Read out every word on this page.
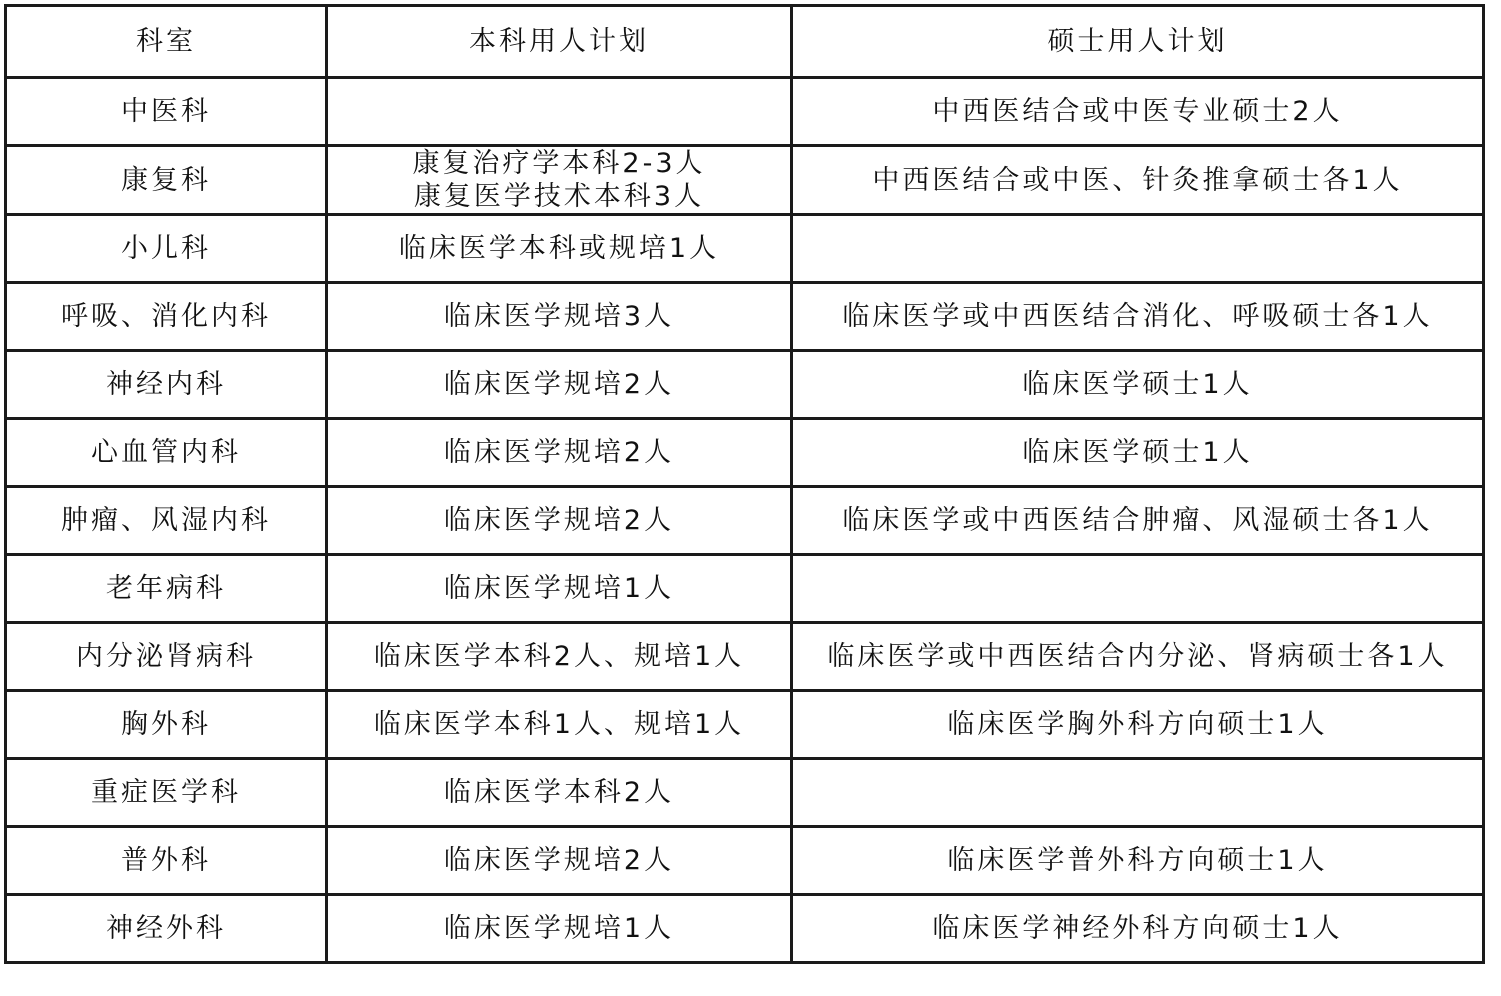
科室	本科用人计划	硕士用人计划

中医科		中西医结合或中医专业硕士2人

康复科	康复治疗学本科2-3人
康复医学技术本科3人	中西医结合或中医、针灸推拿硕士各1人

小儿科	临床医学本科或规培1人	

呼吸、消化内科	临床医学规培3人	临床医学或中西医结合消化、呼吸硕士各1人

神经内科	临床医学规培2人	临床医学硕士1人

心血管内科	临床医学规培2人	临床医学硕士1人

肿瘤、风湿内科	临床医学规培2人	临床医学或中西医结合肿瘤、风湿硕士各1人

老年病科	临床医学规培1人	

内分泌肾病科	临床医学本科2人、规培1人	临床医学或中西医结合内分泌、肾病硕士各1人

胸外科	临床医学本科1人、规培1人	临床医学胸外科方向硕士1人

重症医学科	临床医学本科2人	

普外科	临床医学规培2人	临床医学普外科方向硕士1人

神经外科	临床医学规培1人	临床医学神经外科方向硕士1人
